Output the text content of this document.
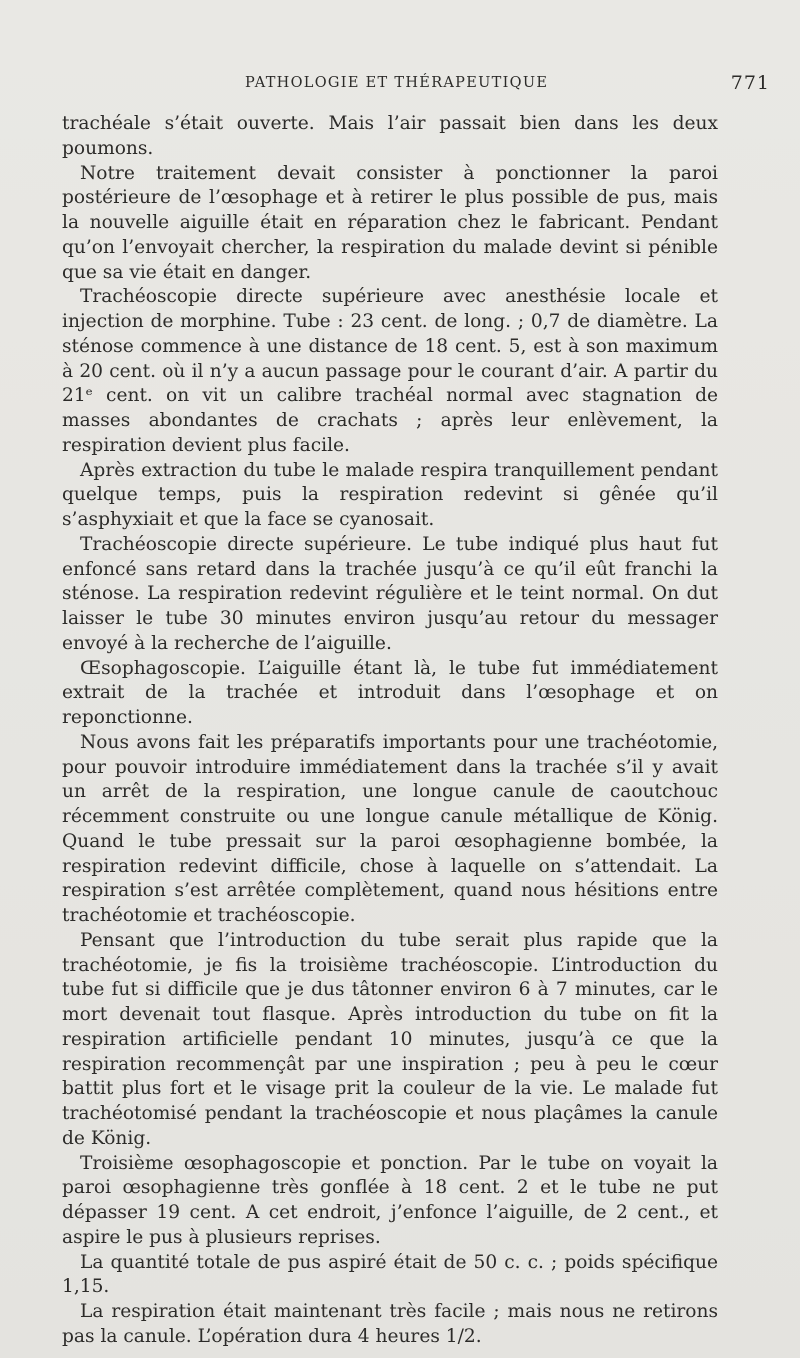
PATHOLOGIE ET THÉRAPEUTIQUE	771

trachéale s’était ouverte. Mais l’air passait bien dans les deux poumons.

Notre traitement devait consister à ponctionner la paroi postérieure de l’œsophage et à retirer le plus possible de pus, mais la nouvelle aiguille était en réparation chez le fabricant. Pendant qu’on l’envoyait chercher, la respiration du malade devint si pénible que sa vie était en danger.

Trachéoscopie directe supérieure avec anesthésie locale et injection de morphine. Tube : 23 cent. de long. ; 0,7 de diamètre. La sténose commence à une distance de 18 cent. 5, est à son maximum à 20 cent. où il n’y a aucun passage pour le courant d’air. A partir du 21ᵉ cent. on vit un calibre trachéal normal avec stagnation de masses abondantes de crachats ; après leur enlèvement, la respiration devient plus facile.

Après extraction du tube le malade respira tranquillement pendant quelque temps, puis la respiration redevint si gênée qu’il s’asphyxiait et que la face se cyanosait.

Trachéoscopie directe supérieure. Le tube indiqué plus haut fut enfoncé sans retard dans la trachée jusqu’à ce qu’il eût franchi la sténose. La respiration redevint régulière et le teint normal. On dut laisser le tube 30 minutes environ jusqu’au retour du messager envoyé à la recherche de l’aiguille.

Œsophagoscopie. L’aiguille étant là, le tube fut immédiatement extrait de la trachée et introduit dans l’œsophage et on reponctionne.

Nous avons fait les préparatifs importants pour une trachéotomie, pour pouvoir introduire immédiatement dans la trachée s’il y avait un arrêt de la respiration, une longue canule de caoutchouc récemment construite ou une longue canule métallique de König. Quand le tube pressait sur la paroi œsophagienne bombée, la respiration redevint difficile, chose à laquelle on s’attendait. La respiration s’est arrêtée complètement, quand nous hésitions entre trachéotomie et trachéoscopie.

Pensant que l’introduction du tube serait plus rapide que la trachéotomie, je fis la troisième trachéoscopie. L’introduction du tube fut si difficile que je dus tâtonner environ 6 à 7 minutes, car le mort devenait tout flasque. Après introduction du tube on fit la respiration artificielle pendant 10 minutes, jusqu’à ce que la respiration recommençât par une inspiration ; peu à peu le cœur battit plus fort et le visage prit la couleur de la vie. Le malade fut trachéotomisé pendant la trachéoscopie et nous plaçâmes la canule de König.

Troisième œsophagoscopie et ponction. Par le tube on voyait la paroi œsophagienne très gonflée à 18 cent. 2 et le tube ne put dépasser 19 cent. A cet endroit, j’enfonce l’aiguille, de 2 cent., et aspire le pus à plusieurs reprises.

La quantité totale de pus aspiré était de 50 c. c. ; poids spécifique 1,15.

La respiration était maintenant très facile ; mais nous ne retirons pas la canule. L’opération dura 4 heures 1/2.
